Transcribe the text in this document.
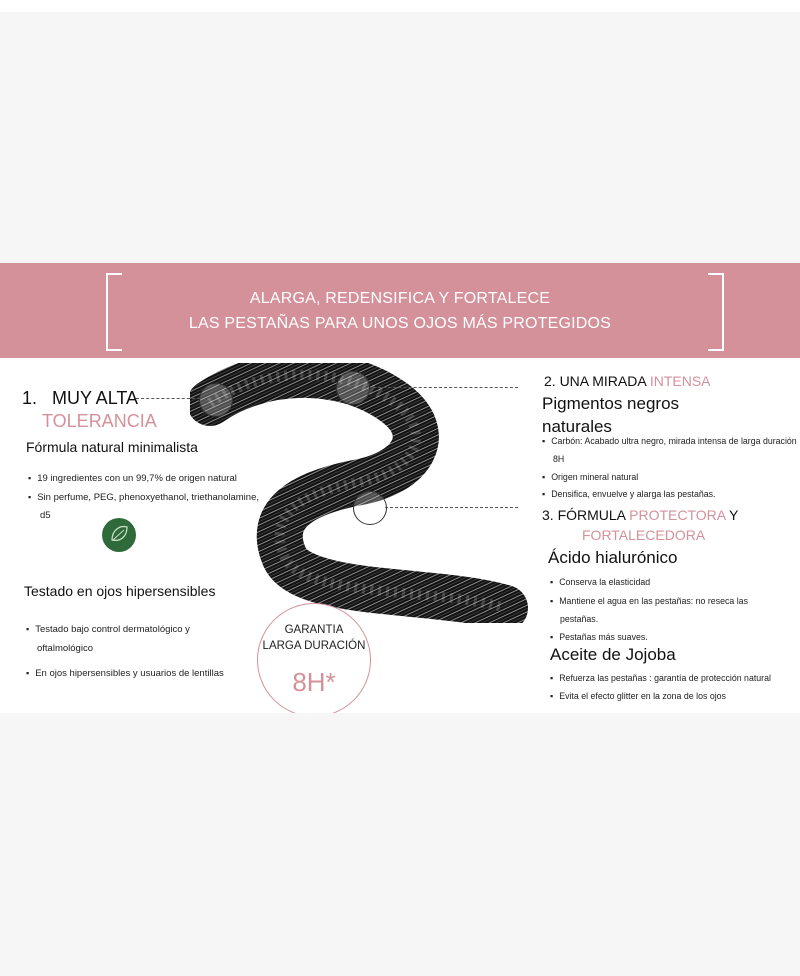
ALARGA, REDENSIFICA Y FORTALECE
LAS PESTAÑAS PARA UNOS OJOS MÁS PROTEGIDOS
1. MUY ALTA
TOLERANCIA
Fórmula natural minimalista
▪ 19 ingredientes con un 99,7% de origen natural
▪ Sin perfume, PEG, phenoxyethanol, triethanolamine,
d5
Testado en ojos hipersensibles
▪ Testado bajo control dermatológico y
oftalmológico
▪ En ojos hipersensibles y usuarios de lentillas
GARANTIA
LARGA DURACIÓN
8H*
2. UNA MIRADA INTENSA
Pigmentos negros
naturales
▪ Carbón: Acabado ultra negro, mirada intensa de larga duración
8H
▪ Origen mineral natural
▪ Densifica, envuelve y alarga las pestañas.
3. FÓRMULA PROTECTORA Y
FORTALECEDORA
Ácido hialurónico
▪ Conserva la elasticidad
▪ Mantiene el agua en las pestañas: no reseca las
pestañas.
▪ Pestañas más suaves.
Aceite de Jojoba
▪ Refuerza las pestañas : garantía de protección natural
▪ Evita el efecto glitter en la zona de los ojos
